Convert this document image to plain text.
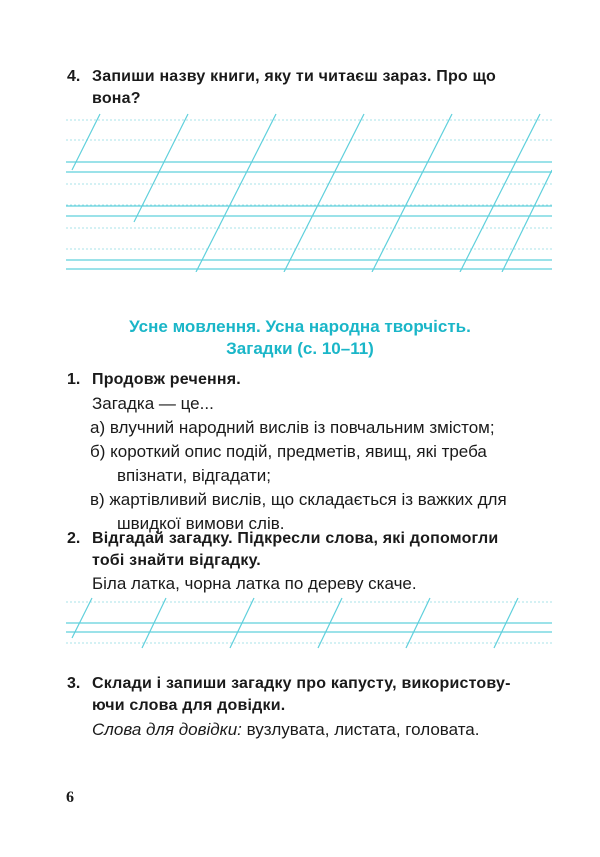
4. Запиши назву книги, яку ти читаєш зараз. Про що
вона?
Усне мовлення. Усна народна творчість.
Загадки (с. 10–11)
1. Продовж речення.
Загадка — це...
а) влучний народний вислів із повчальним змістом;
б) короткий опис подій, предметів, явищ, які треба
впізнати, відгадати;
в) жартівливий вислів, що складається із важких для
швидкої вимови слів.
2. Відгадай загадку. Підкресли слова, які допомогли
тобі знайти відгадку.
Біла латка, чорна латка по дереву скаче.
3. Склади і запиши загадку про капусту, використову-
ючи слова для довідки.
Слова для довідки: вузлувата, листата, головата.
6
